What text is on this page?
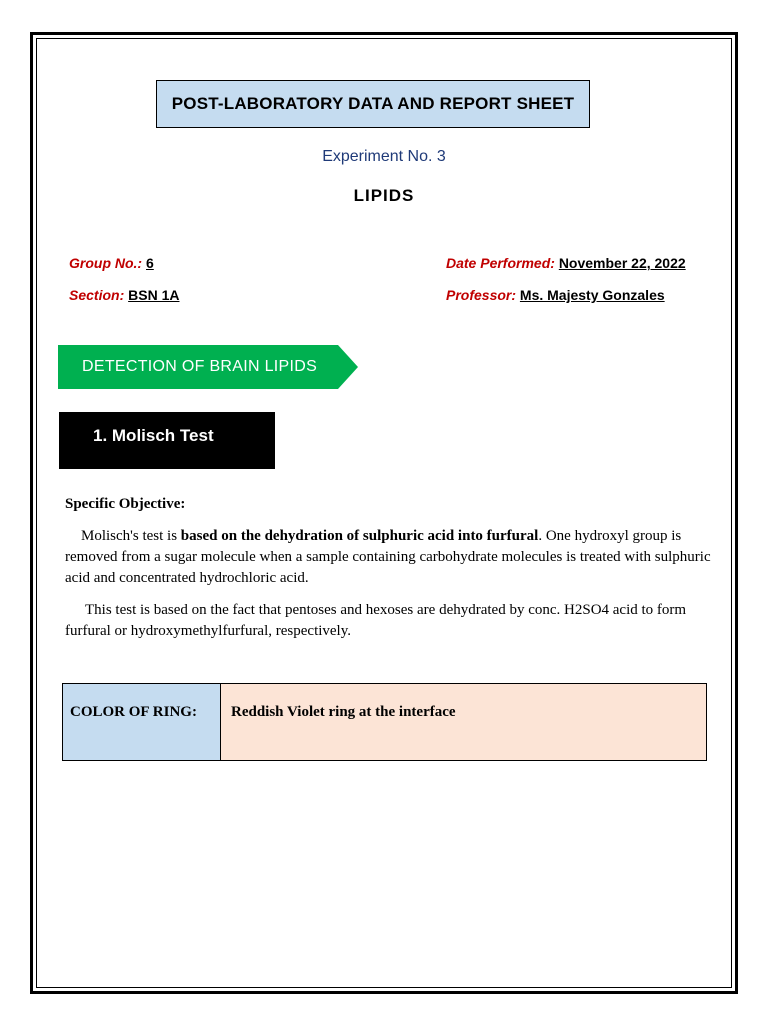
POST-LABORATORY DATA AND REPORT SHEET
Experiment No. 3
LIPIDS
Group No.: 6	Date Performed: November 22, 2022
Section: BSN 1A	Professor: Ms. Majesty Gonzales
DETECTION OF BRAIN LIPIDS
1. Molisch Test
Specific Objective:
Molisch's test is based on the dehydration of sulphuric acid into furfural. One hydroxyl group is removed from a sugar molecule when a sample containing carbohydrate molecules is treated with sulphuric acid and concentrated hydrochloric acid.
This test is based on the fact that pentoses and hexoses are dehydrated by conc. H2SO4 acid to form furfural or hydroxymethylfurfural, respectively.
COLOR OF RING:	Reddish Violet ring at the interface
